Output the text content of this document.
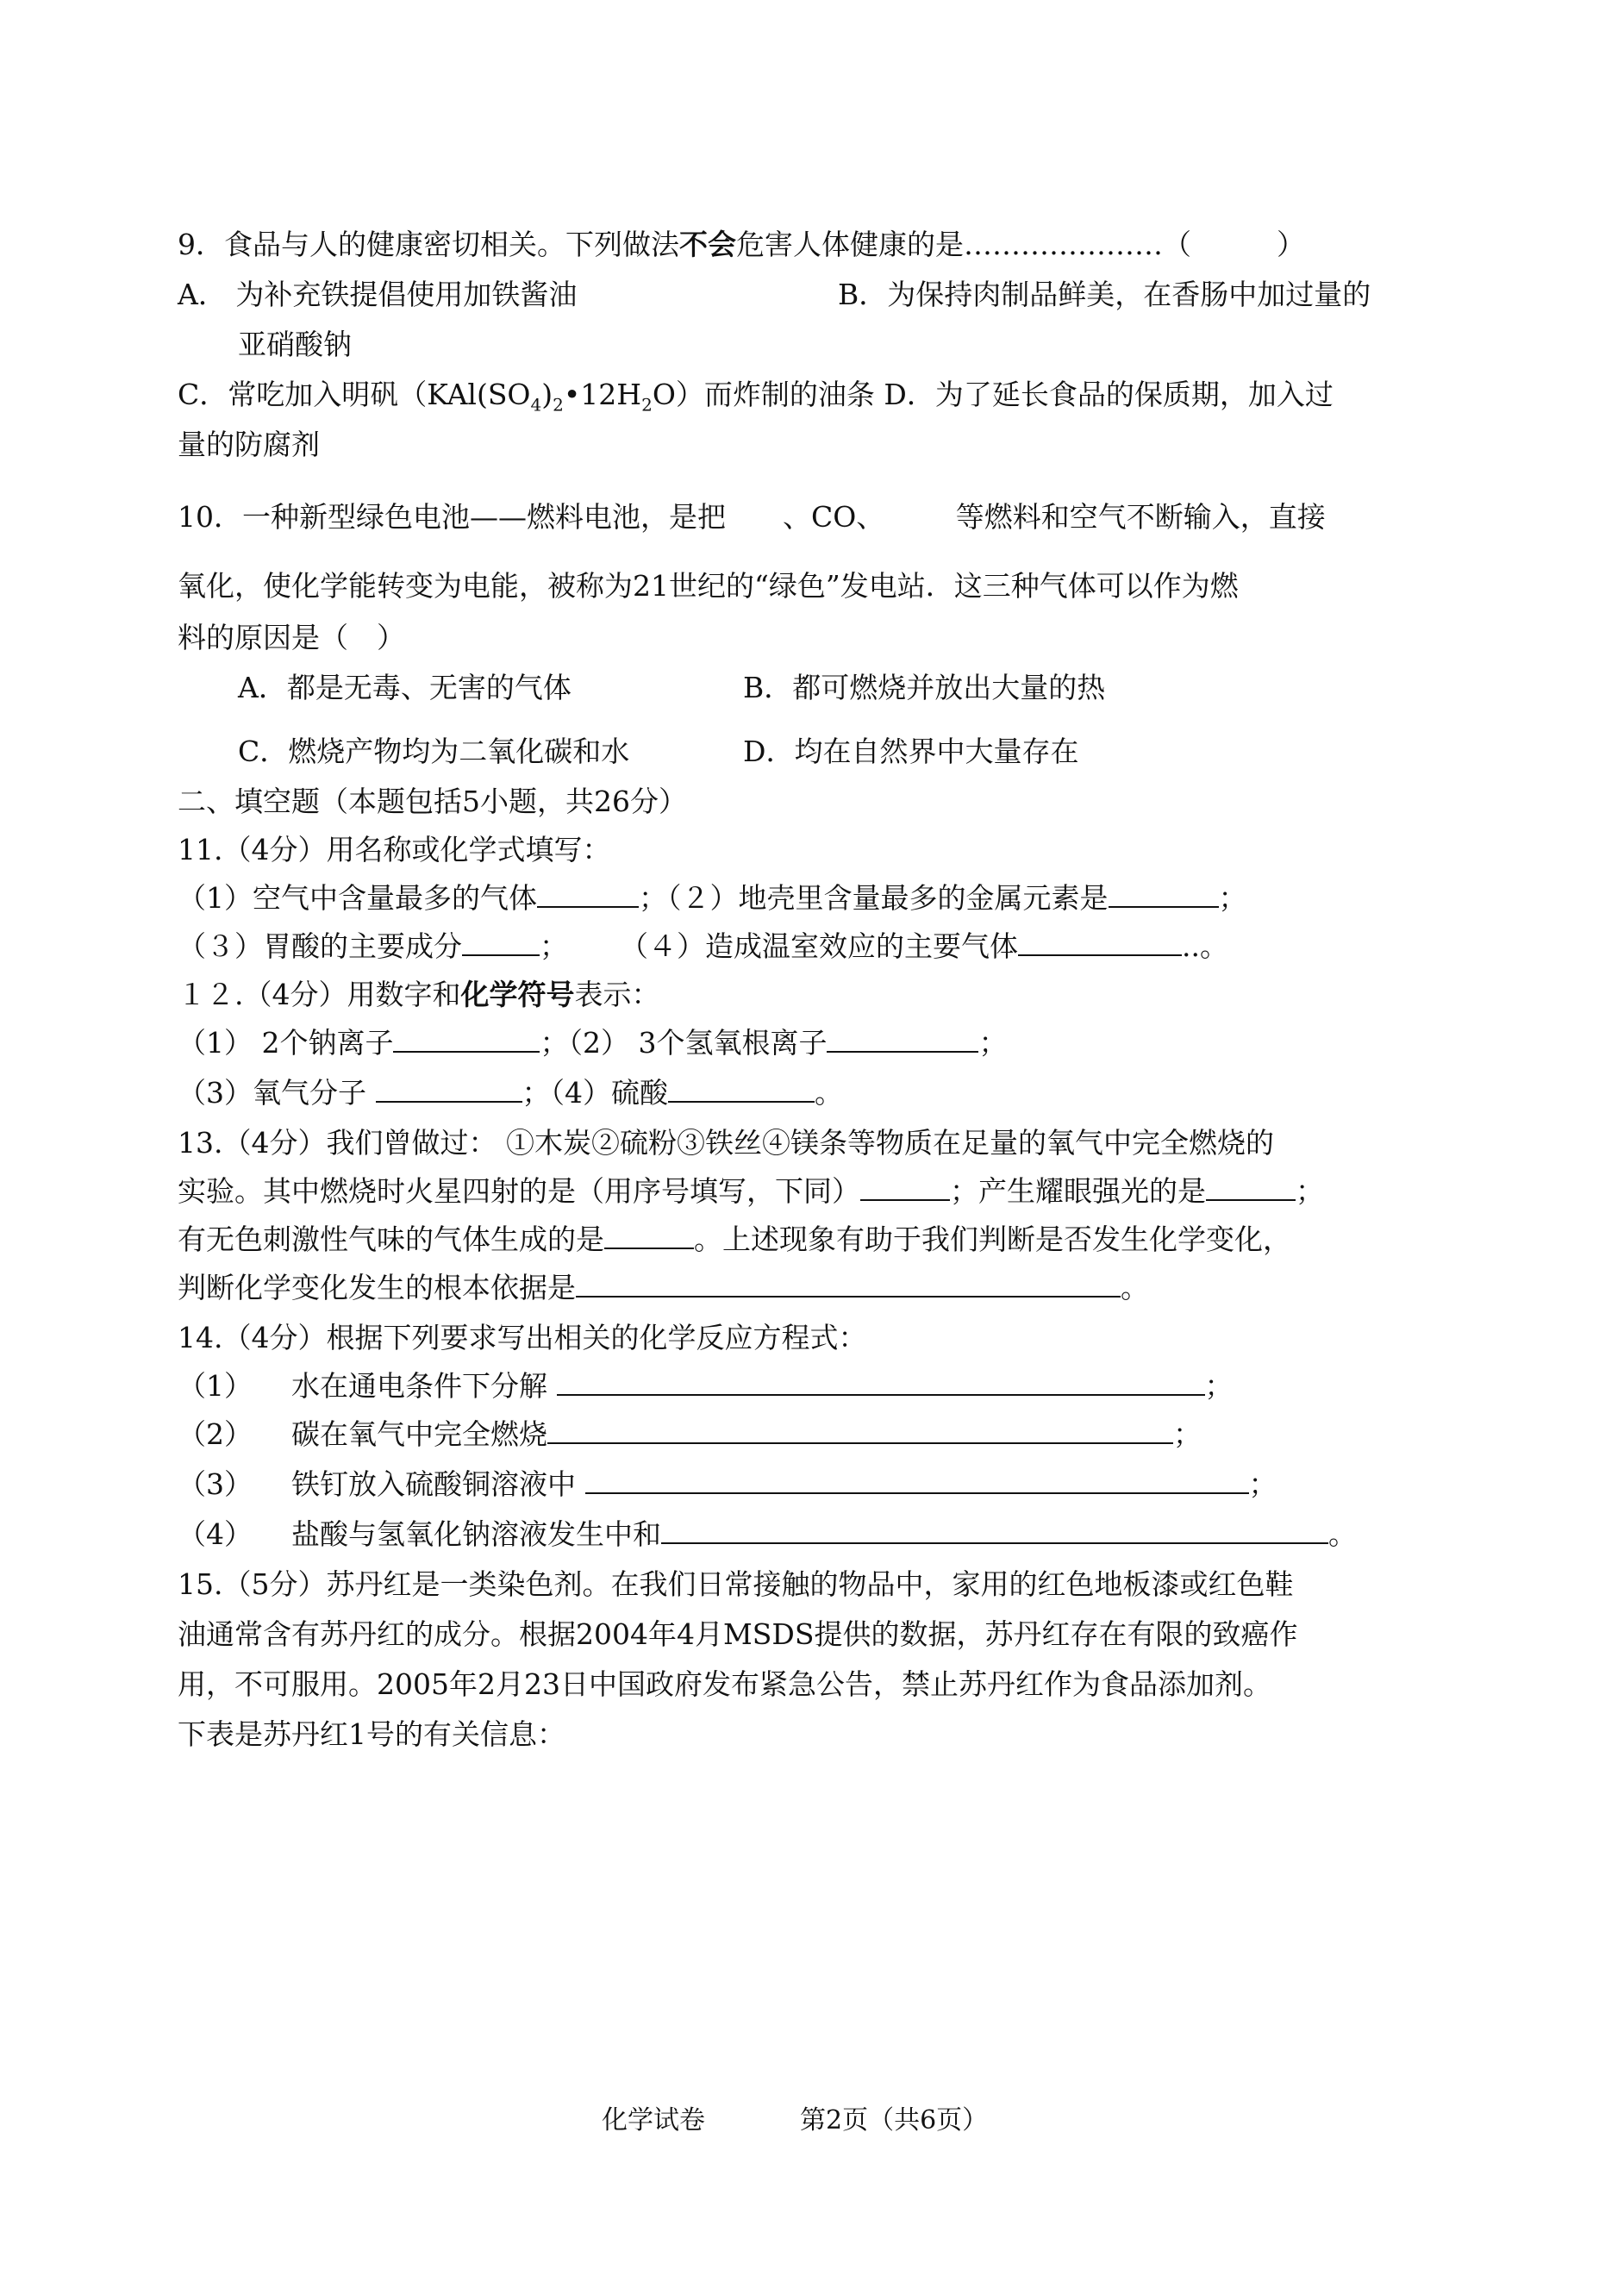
9．食品与人的健康密切相关。下列做法不会危害人体健康的是…………………（　　　）
A． 为补充铁提倡使用加铁酱油	B．为保持肉制品鲜美，在香肠中加过量的
亚硝酸钠
C．常吃加入明矾$(KAl(SO_4)_2•12H_2O)$而炸制的油条 D．为了延长食品的保质期，加入过
量的防腐剂
10．一种新型绿色电池——燃料电池，是把　　、CO、　　　等燃料和空气不断输入，直接
氧化，使化学能转变为电能，被称为21世纪的“绿色”发电站．这三种气体可以作为燃
料的原因是（　）
A．都是无毒、无害的气体	B．都可燃烧并放出大量的热
C．燃烧产物均为二氧化碳和水	D．均在自然界中大量存在
二、填空题（本题包括5小题，共26分）
11.（4分）用名称或化学式填写：
（1）空气中含量最多的气体	；（２）地壳里含量最多的金属元素是	；
（３）胃酸的主要成分	；　　 （４）造成温室效应的主要气体	..。
１２.（4分）用数字和化学符号表示：
（1） 2个钠离子	；（2） 3个氢氧根离子	；
（3）氧气分子	；（4）硫酸	。
13.（4分）我们曾做过： ①木炭②硫粉③铁丝④镁条等物质在足量的氧气中完全燃烧的
实验。其中燃烧时火星四射的是（用序号填写，下同）	；产生耀眼强光的是	；
有无色刺激性气味的气体生成的是	。上述现象有助于我们判断是否发生化学变化，
判断化学变化发生的根本依据是	。
14.（4分）根据下列要求写出相关的化学反应方程式：
（1） 水在通电条件下分解	；
（2） 碳在氧气中完全燃烧	；
（3） 铁钉放入硫酸铜溶液中	；
（4） 盐酸与氢氧化钠溶液发生中和	。
15.（5分）苏丹红是一类染色剂。在我们日常接触的物品中，家用的红色地板漆或红色鞋
油通常含有苏丹红的成分。根据2004年4月MSDS提供的数据，苏丹红存在有限的致癌作
用，不可服用。2005年2月23日中国政府发布紧急公告，禁止苏丹红作为食品添加剂。
下表是苏丹红1号的有关信息：
化学试卷	第2页（共6页）
